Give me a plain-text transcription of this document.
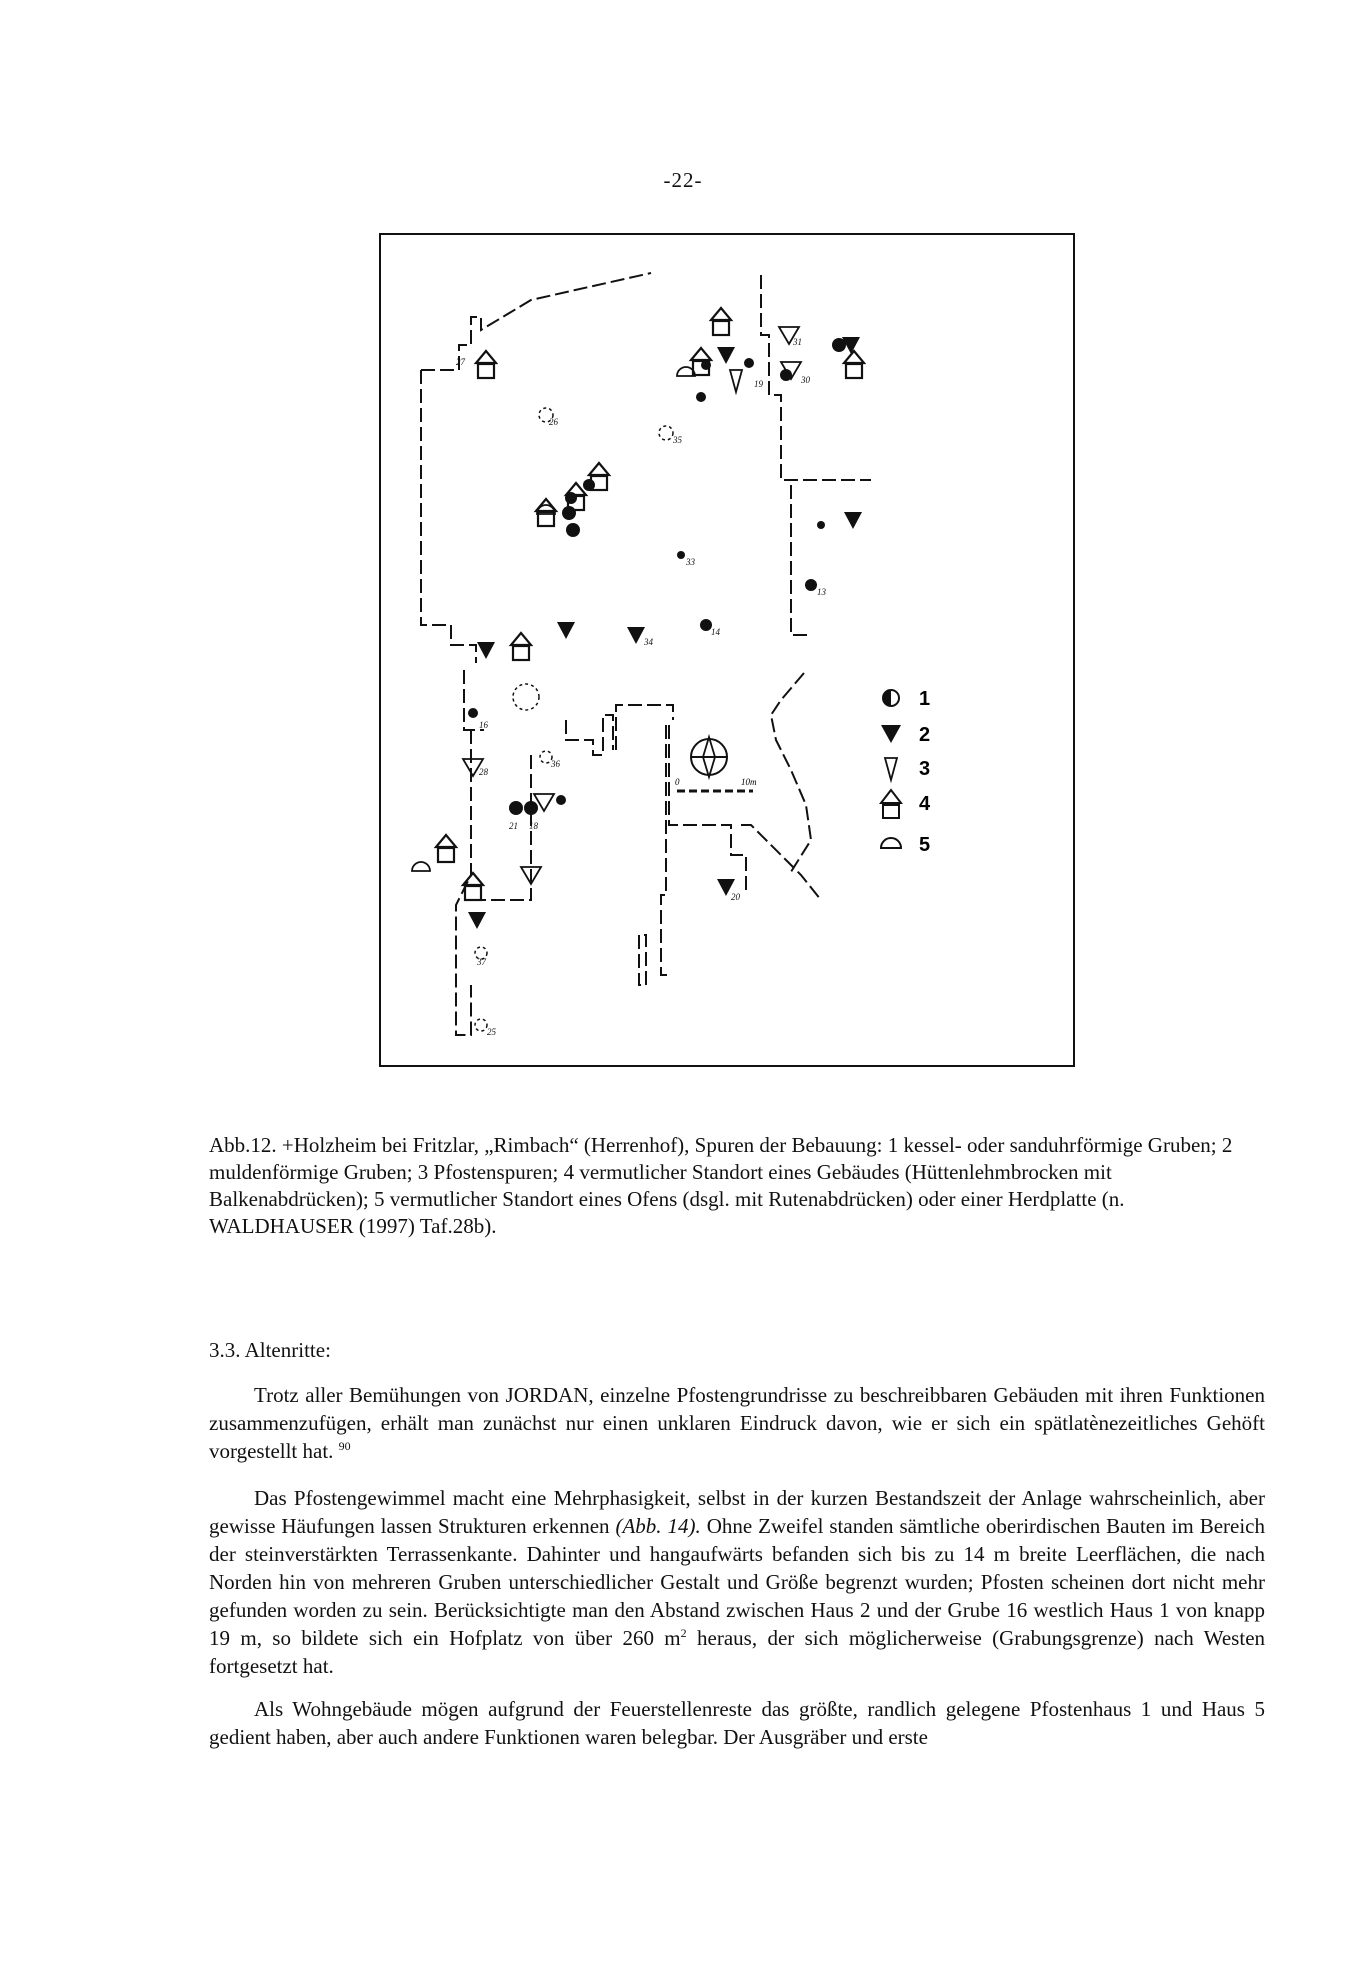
-22-
27
26
35
19
31
30
33
13
14
34
16
28
36
21 18
20
37
25
0	10m
1
2
3
4
5
Abb.12. +Holzheim bei Fritzlar, „Rimbach“ (Herrenhof), Spuren der Bebauung: 1 kessel- oder sanduhrförmige Gruben; 2 muldenförmige Gruben; 3 Pfostenspuren; 4 vermutlicher Standort eines Gebäudes (Hüttenlehmbrocken mit Balkenabdrücken); 5 vermutlicher Standort eines Ofens (dsgl. mit Rutenabdrücken) oder einer Herdplatte (n. WALDHAUSER (1997) Taf.28b).
3.3. Altenritte:
Trotz aller Bemühungen von JORDAN, einzelne Pfostengrundrisse zu beschreibbaren Gebäuden mit ihren Funktionen zusammenzufügen, erhält man zunächst nur einen unklaren Eindruck davon, wie er sich ein spätlatènezeitliches Gehöft vorgestellt hat. $^{90}$
Das Pfostengewimmel macht eine Mehrphasigkeit, selbst in der kurzen Bestandszeit der Anlage wahrscheinlich, aber gewisse Häufungen lassen Strukturen erkennen (Abb. 14). Ohne Zweifel standen sämtliche oberirdischen Bauten im Bereich der steinverstärkten Terrassenkante. Dahinter und hangaufwärts befanden sich bis zu 14 m breite Leerflächen, die nach Norden hin von mehreren Gruben unterschiedlicher Gestalt und Größe begrenzt wurden; Pfosten scheinen dort nicht mehr gefunden worden zu sein. Berücksichtigte man den Abstand zwischen Haus 2 und der Grube 16 westlich Haus 1 von knapp 19 m, so bildete sich ein Hofplatz von über 260 $m^2$ heraus, der sich möglicherweise (Grabungsgrenze) nach Westen fortgesetzt hat.
Als Wohngebäude mögen aufgrund der Feuerstellenreste das größte, randlich gelegene Pfostenhaus 1 und Haus 5 gedient haben, aber auch andere Funktionen waren belegbar. Der Ausgräber und erste
